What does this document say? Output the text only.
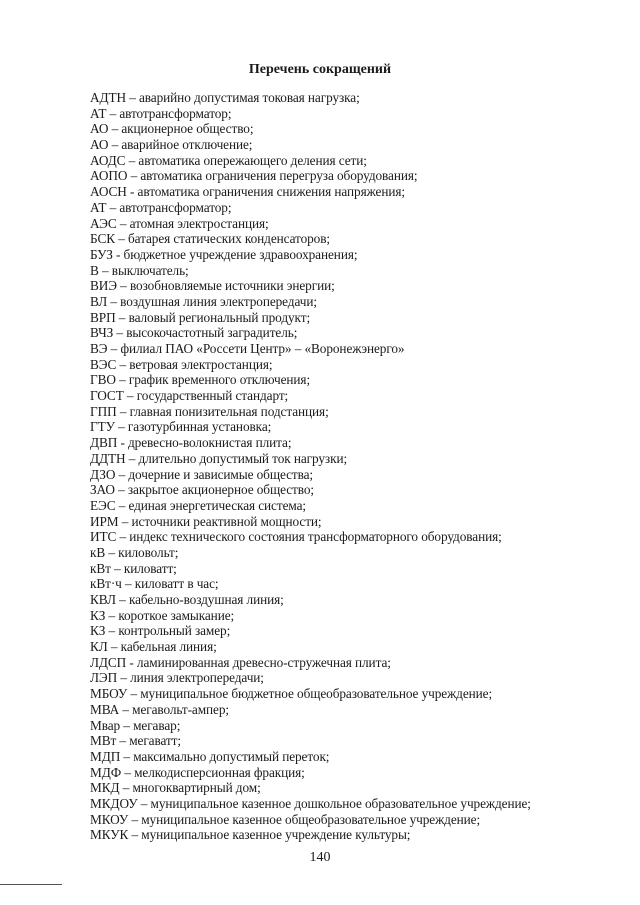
Перечень сокращений
АДТН – аварийно допустимая токовая нагрузка;
АТ – автотрансформатор;
АО – акционерное общество;
АО – аварийное отключение;
АОДС – автоматика опережающего деления сети;
АОПО – автоматика ограничения перегруза оборудования;
АОСН - автоматика ограничения снижения напряжения;
АТ – автотрансформатор;
АЭС – атомная электростанция;
БСК – батарея статических конденсаторов;
БУЗ - бюджетное учреждение здравоохранения;
В – выключатель;
ВИЭ – возобновляемые источники энергии;
ВЛ – воздушная линия электропередачи;
ВРП – валовый региональный продукт;
ВЧЗ – высокочастотный заградитель;
ВЭ – филиал ПАО «Россети Центр» – «Воронежэнерго»
ВЭС – ветровая электростанция;
ГВО – график временного отключения;
ГОСТ – государственный стандарт;
ГПП – главная понизительная подстанция;
ГТУ – газотурбинная установка;
ДВП - древесно-волокнистая плита;
ДДТН – длительно допустимый ток нагрузки;
ДЗО – дочерние и зависимые общества;
ЗАО – закрытое акционерное общество;
ЕЭС – единая энергетическая система;
ИРМ – источники реактивной мощности;
ИТС – индекс технического состояния трансформаторного оборудования;
кВ – киловольт;
кВт – киловатт;
кВт·ч – киловатт в час;
КВЛ – кабельно-воздушная линия;
КЗ – короткое замыкание;
КЗ – контрольный замер;
КЛ – кабельная линия;
ЛДСП - ламинированная древесно-стружечная плита;
ЛЭП – линия электропередачи;
МБОУ – муниципальное бюджетное общеобразовательное учреждение;
МВА – мегавольт-ампер;
Мвар – мегавар;
МВт – мегаватт;
МДП – максимально допустимый переток;
МДФ – мелкодисперсионная фракция;
МКД – многоквартирный дом;
МКДОУ – муниципальное казенное дошкольное образовательное учреждение;
МКОУ – муниципальное казенное общеобразовательное учреждение;
МКУК – муниципальное казенное учреждение культуры;
140
